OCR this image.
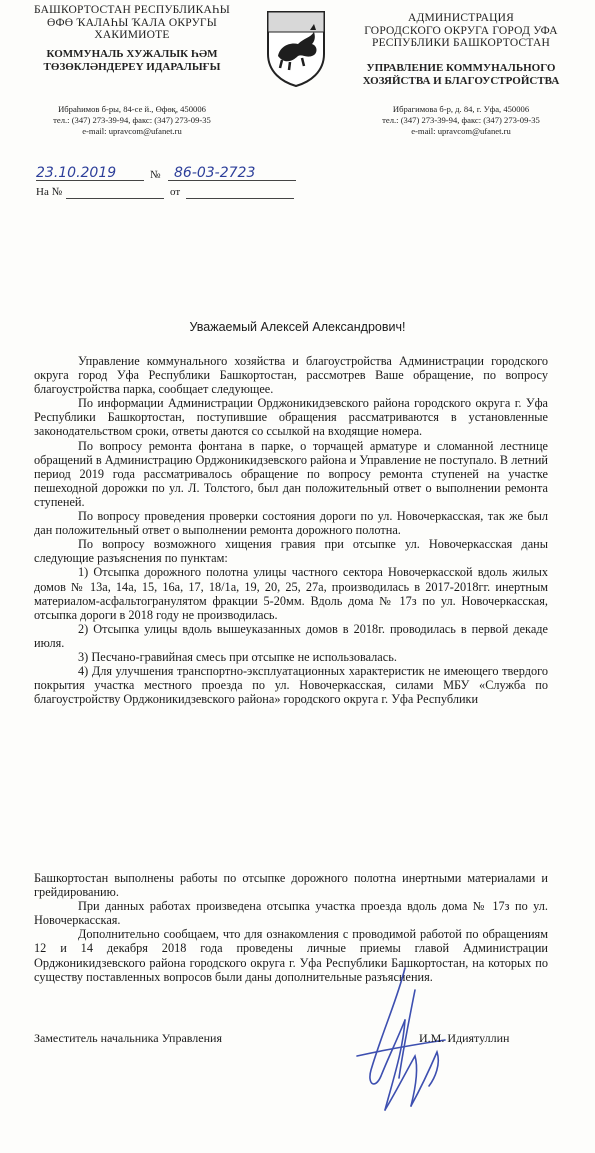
БАШКОРТОСТАН РЕСПУБЛИКАҺЫ
ӨФӨ ҠАЛАҺЫ ҠАЛА ОКРУГЫ
ХАКИМИОТЕ
КОММУНАЛЬ ХУЖАЛЫК ҺӘМ
ТӨЗӨКЛӘНДЕРЕҮ ИДАРАЛЫҒЫ
Ибраһимов б-ры, 84-се й., Өфөқ, 450006
тел.: (347) 273-39-94, факс: (347) 273-09-35
e-mail: upravcom@ufanet.ru
АДМИНИСТРАЦИЯ
ГОРОДСКОГО ОКРУГА ГОРОД УФА
РЕСПУБЛИКИ БАШКОРТОСТАН
УПРАВЛЕНИЕ КОММУНАЛЬНОГО
ХОЗЯЙСТВА И БЛАГОУСТРОЙСТВА
Ибрагимова б-р, д. 84, г. Уфа, 450006
тел.: (347) 273-39-94, факс: (347) 273-09-35
e-mail: upravcom@ufanet.ru
23.10.2019	№ 86-03-2723
На №	от
Уважаемый Алексей Александрович!

Управление коммунального хозяйства и благоустройства Администрации городского округа город Уфа Республики Башкортостан, рассмотрев Ваше обращение, по вопросу благоустройства парка, сообщает следующее.

По информации Администрации Орджоникидзевского района городского округа г. Уфа Республики Башкортостан, поступившие обращения рассматриваются в установленные законодательством сроки, ответы даются со ссылкой на входящие номера.

По вопросу ремонта фонтана в парке, о торчащей арматуре и сломанной лестнице обращений в Администрацию Орджоникидзевского района и Управление не поступало. В летний период 2019 года рассматривалось обращение по вопросу ремонта ступеней на участке пешеходной дорожки по ул. Л. Толстого, был дан положительный ответ о выполнении ремонта ступеней.

По вопросу проведения проверки состояния дороги по ул. Новочеркасская, так же был дан положительный ответ о выполнении ремонта дорожного полотна.

По вопросу возможного хищения гравия при отсыпке ул. Новочеркасская даны следующие разъяснения по пунктам:

1) Отсыпка дорожного полотна улицы частного сектора Новочеркасской вдоль жилых домов № 13а, 14а, 15, 16а, 17, 18/1а, 19, 20, 25, 27а, производилась в 2017-2018гг. инертным материалом-асфальтогранулятом фракции 5-20мм. Вдоль дома № 17з по ул. Новочеркасская, отсыпка дороги в 2018 году не производилась.

2) Отсыпка улицы вдоль вышеуказанных домов в 2018г. проводилась в первой декаде июля.

3) Песчано-гравийная смесь при отсыпке не использовалась.

4) Для улучшения транспортно-эксплуатационных характеристик не имеющего твердого покрытия участка местного проезда по ул. Новочеркасская, силами МБУ «Служба по благоустройству Орджоникидзевского района» городского округа г. Уфа Республики

Башкортостан выполнены работы по отсыпке дорожного полотна инертными материалами и грейдированию.

При данных работах произведена отсыпка участка проезда вдоль дома № 17з по ул. Новочеркасская.

Дополнительно сообщаем, что для ознакомления с проводимой работой по обращениям 12 и 14 декабря 2018 года проведены личные приемы главой Администрации Орджоникидзевского района городского округа г. Уфа Республики Башкортостан, на которых по существу поставленных вопросов были даны дополнительные разъяснения.

Заместитель начальника Управления	И.М. Идиятуллин
